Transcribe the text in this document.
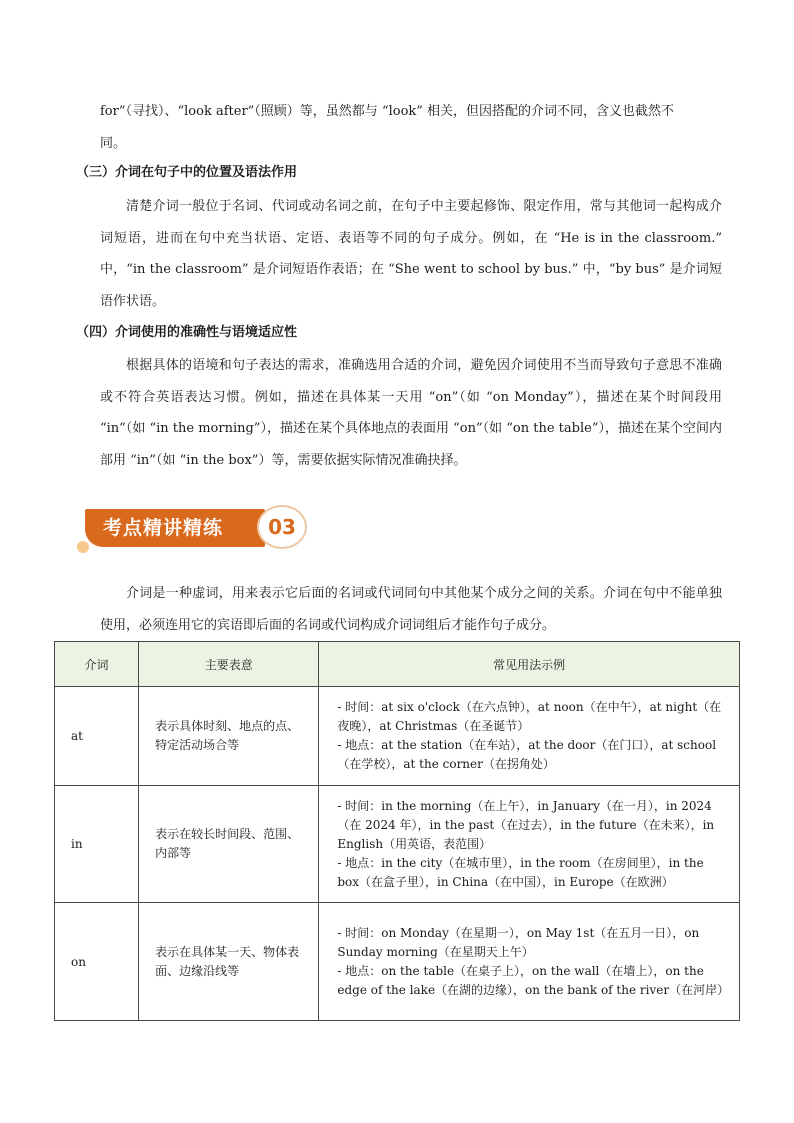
for”（寻找）、“look after”（照顾）等，虽然都与 “look” 相关，但因搭配的介词不同，含义也截然不
同。
（三）介词在句子中的位置及语法作用
清楚介词一般位于名词、代词或动名词之前，在句子中主要起修饰、限定作用，常与其他词一起构成介词短语，进而在句中充当状语、定语、表语等不同的句子成分。例如，在 “He is in the classroom.” 中，“in the classroom” 是介词短语作表语；在 “She went to school by bus.” 中，“by bus” 是介词短语作状语。
（四）介词使用的准确性与语境适应性
根据具体的语境和句子表达的需求，准确选用合适的介词，避免因介词使用不当而导致句子意思不准确或不符合英语表达习惯。例如，描述在具体某一天用 “on”（如 “on Monday”），描述在某个时间段用 “in”（如 “in the morning”），描述在某个具体地点的表面用 “on”（如 “on the table”），描述在某个空间内部用 “in”（如 “in the box”）等，需要依据实际情况准确抉择。
考点精讲精练	03
介词是一种虚词，用来表示它后面的名词或代词同句中其他某个成分之间的关系。介词在句中不能单独使用，必须连用它的宾语即后面的名词或代词构成介词词组后才能作句子成分。
介词	主要表意	常见用法示例
at	表示具体时刻、地点的点、特定活动场合等	- 时间：at six o'clock（在六点钟），at noon（在中午），at night（在夜晚），at Christmas（在圣诞节）
- 地点：at the station（在车站），at the door（在门口），at school（在学校），at the corner（在拐角处）

in	表示在较长时间段、范围、内部等	- 时间：in the morning（在上午），in January（在一月），in 2024（在 2024 年），in the past（在过去），in the future（在未来），in English（用英语，表范围）
- 地点：in the city（在城市里），in the room（在房间里），in the box（在盒子里），in China（在中国），in Europe（在欧洲）

on	表示在具体某一天、物体表面、边缘沿线等	- 时间：on Monday（在星期一），on May 1st（在五月一日），on Sunday morning（在星期天上午）
- 地点：on the table（在桌子上），on the wall（在墙上），on the edge of the lake（在湖的边缘），on the bank of the river（在河岸）
